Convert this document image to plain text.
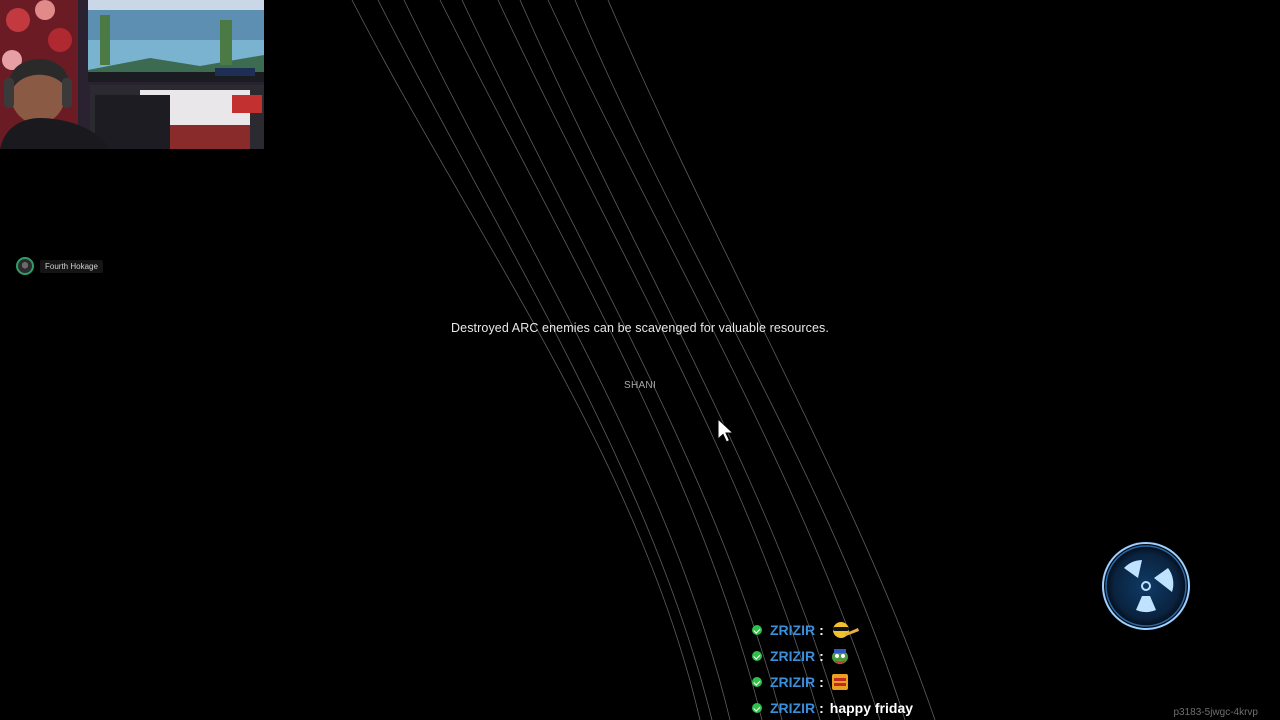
Fourth Hokage
Destroyed ARC enemies can be scavenged for valuable resources.
SHANI
ZRIZIR :
ZRIZIR :
ZRIZIR :
ZRIZIR : happy friday	p3183-5jwgc-4krvp
